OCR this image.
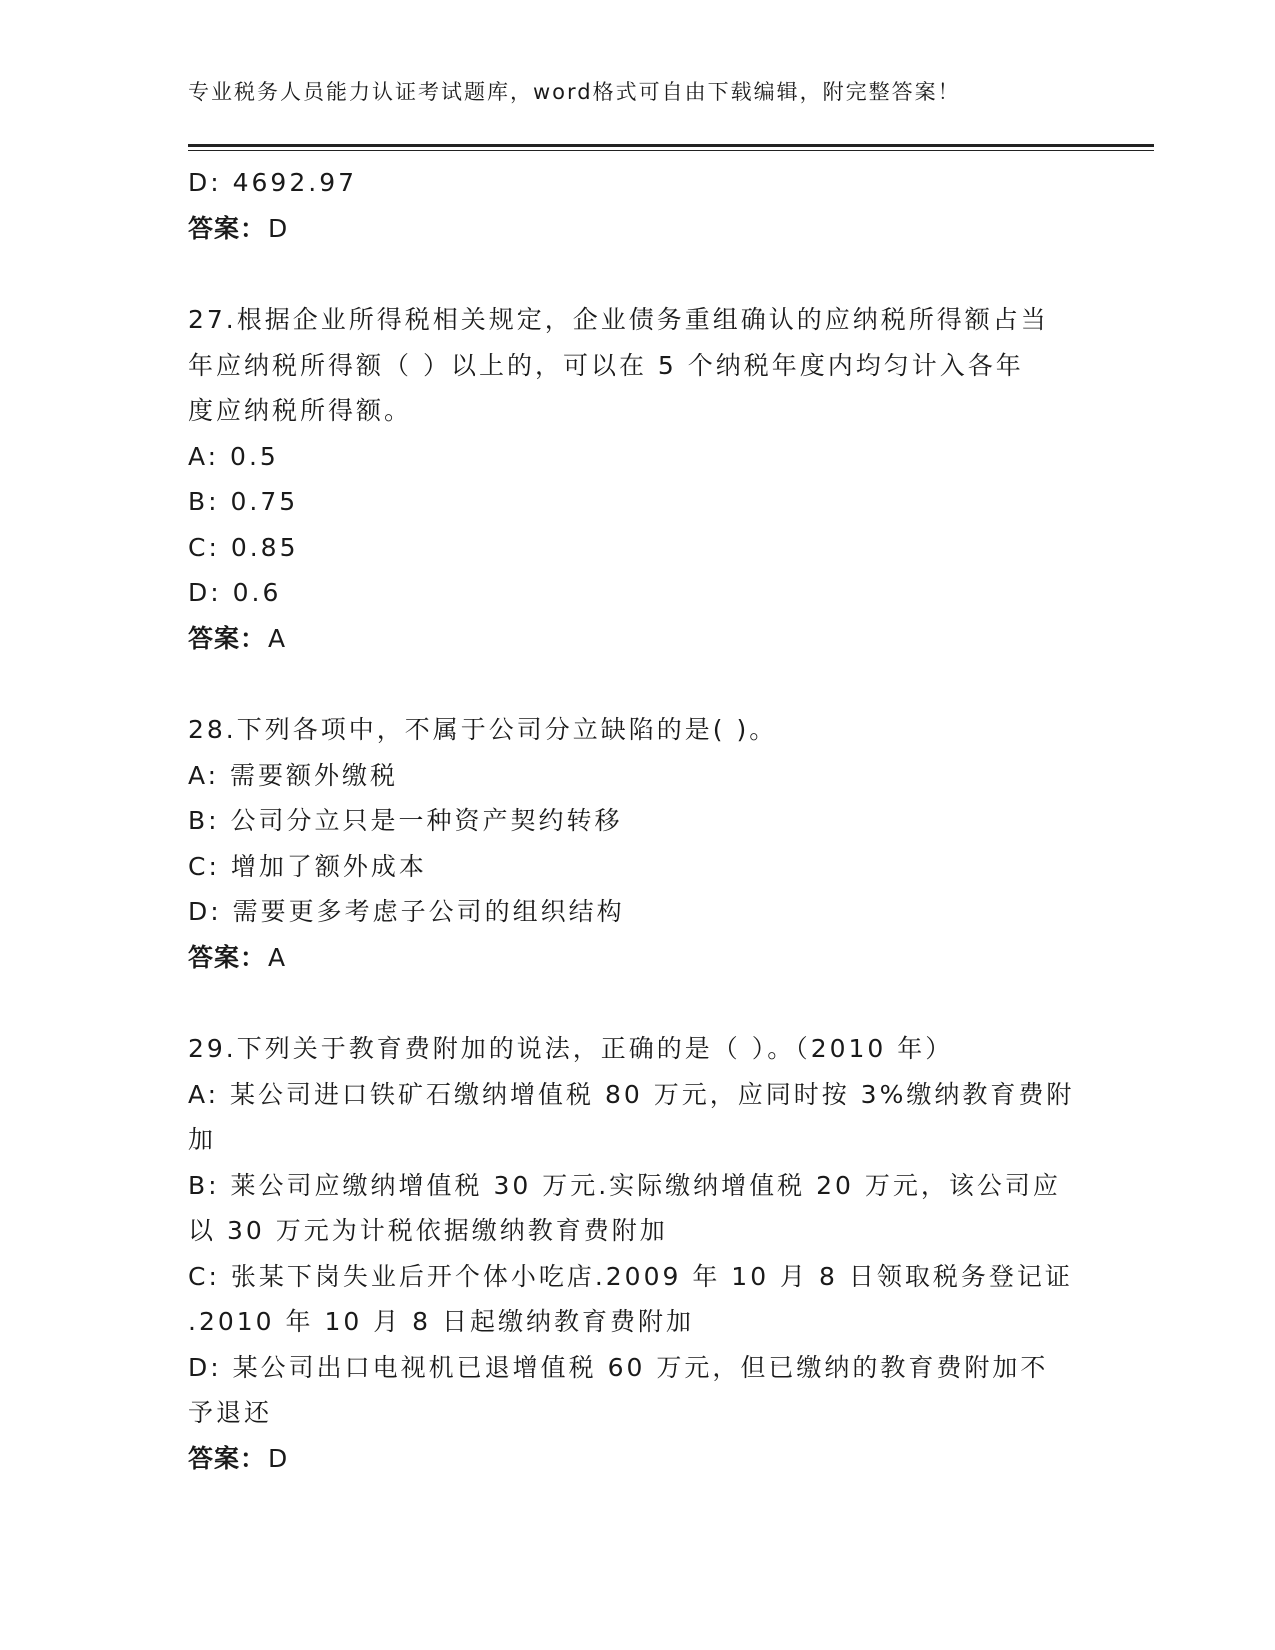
专业税务人员能力认证考试题库，word格式可自由下载编辑，附完整答案！
D: 4692.97
答案：D
27.根据企业所得税相关规定，企业债务重组确认的应纳税所得额占当
年应纳税所得额（ ）以上的，可以在 5 个纳税年度内均匀计入各年
度应纳税所得额。
A: 0.5
B: 0.75
C: 0.85
D: 0.6
答案：A
28.下列各项中，不属于公司分立缺陷的是( )。
A: 需要额外缴税
B: 公司分立只是一种资产契约转移
C: 增加了额外成本
D: 需要更多考虑子公司的组织结构
答案：A
29.下列关于教育费附加的说法，正确的是（ ）。（2010 年）
A: 某公司进口铁矿石缴纳增值税 80 万元，应同时按 3%缴纳教育费附
加
B: 莱公司应缴纳增值税 30 万元.实际缴纳增值税 20 万元，该公司应
以 30 万元为计税依据缴纳教育费附加
C: 张某下岗失业后开个体小吃店.2009 年 10 月 8 日领取税务登记证
.2010 年 10 月 8 日起缴纳教育费附加
D: 某公司出口电视机已退增值税 60 万元，但已缴纳的教育费附加不
予退还
答案：D
